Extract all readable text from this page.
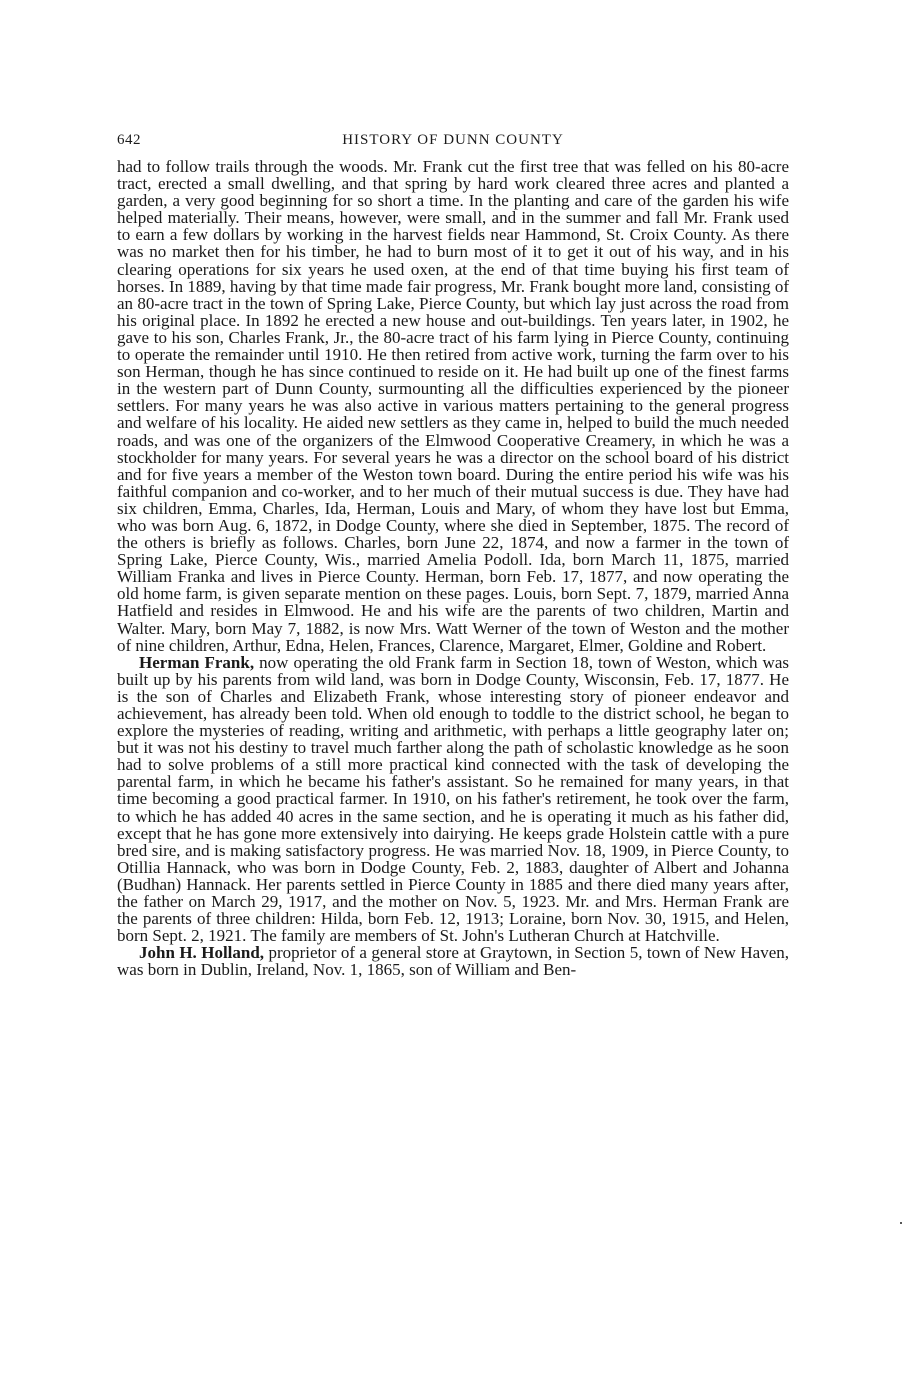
642	HISTORY OF DUNN COUNTY

had to follow trails through the woods. Mr. Frank cut the first tree that was felled on his 80-acre tract, erected a small dwelling, and that spring by hard work cleared three acres and planted a garden, a very good beginning for so short a time. In the planting and care of the garden his wife helped materially. Their means, however, were small, and in the summer and fall Mr. Frank used to earn a few dollars by working in the harvest fields near Hammond, St. Croix County. As there was no market then for his timber, he had to burn most of it to get it out of his way, and in his clearing operations for six years he used oxen, at the end of that time buying his first team of horses. In 1889, having by that time made fair progress, Mr. Frank bought more land, consisting of an 80-acre tract in the town of Spring Lake, Pierce County, but which lay just across the road from his original place. In 1892 he erected a new house and out-buildings. Ten years later, in 1902, he gave to his son, Charles Frank, Jr., the 80-acre tract of his farm lying in Pierce County, continuing to operate the remainder until 1910. He then retired from active work, turning the farm over to his son Herman, though he has since continued to reside on it. He had built up one of the finest farms in the western part of Dunn County, surmounting all the difficulties experienced by the pioneer settlers. For many years he was also active in various matters pertaining to the general progress and welfare of his locality. He aided new settlers as they came in, helped to build the much needed roads, and was one of the organizers of the Elmwood Cooperative Creamery, in which he was a stockholder for many years. For several years he was a director on the school board of his district and for five years a member of the Weston town board. During the entire period his wife was his faithful companion and co-worker, and to her much of their mutual success is due. They have had six children, Emma, Charles, Ida, Herman, Louis and Mary, of whom they have lost but Emma, who was born Aug. 6, 1872, in Dodge County, where she died in September, 1875. The record of the others is briefly as follows. Charles, born June 22, 1874, and now a farmer in the town of Spring Lake, Pierce County, Wis., married Amelia Podoll. Ida, born March 11, 1875, married William Franka and lives in Pierce County. Herman, born Feb. 17, 1877, and now operating the old home farm, is given separate mention on these pages. Louis, born Sept. 7, 1879, married Anna Hatfield and resides in Elmwood. He and his wife are the parents of two children, Martin and Walter. Mary, born May 7, 1882, is now Mrs. Watt Werner of the town of Weston and the mother of nine children, Arthur, Edna, Helen, Frances, Clarence, Margaret, Elmer, Goldine and Robert.

Herman Frank, now operating the old Frank farm in Section 18, town of Weston, which was built up by his parents from wild land, was born in Dodge County, Wisconsin, Feb. 17, 1877. He is the son of Charles and Elizabeth Frank, whose interesting story of pioneer endeavor and achievement, has already been told. When old enough to toddle to the district school, he began to explore the mysteries of reading, writing and arithmetic, with perhaps a little geography later on; but it was not his destiny to travel much farther along the path of scholastic knowledge as he soon had to solve problems of a still more practical kind connected with the task of developing the parental farm, in which he became his father's assistant. So he remained for many years, in that time becoming a good practical farmer. In 1910, on his father's retirement, he took over the farm, to which he has added 40 acres in the same section, and he is operating it much as his father did, except that he has gone more extensively into dairying. He keeps grade Holstein cattle with a pure bred sire, and is making satisfactory progress. He was married Nov. 18, 1909, in Pierce County, to Otillia Hannack, who was born in Dodge County, Feb. 2, 1883, daughter of Albert and Johanna (Budhan) Hannack. Her parents settled in Pierce County in 1885 and there died many years after, the father on March 29, 1917, and the mother on Nov. 5, 1923. Mr. and Mrs. Herman Frank are the parents of three children: Hilda, born Feb. 12, 1913; Loraine, born Nov. 30, 1915, and Helen, born Sept. 2, 1921. The family are members of St. John's Lutheran Church at Hatchville.

John H. Holland, proprietor of a general store at Graytown, in Section 5, town of New Haven, was born in Dublin, Ireland, Nov. 1, 1865, son of William and Ben-
